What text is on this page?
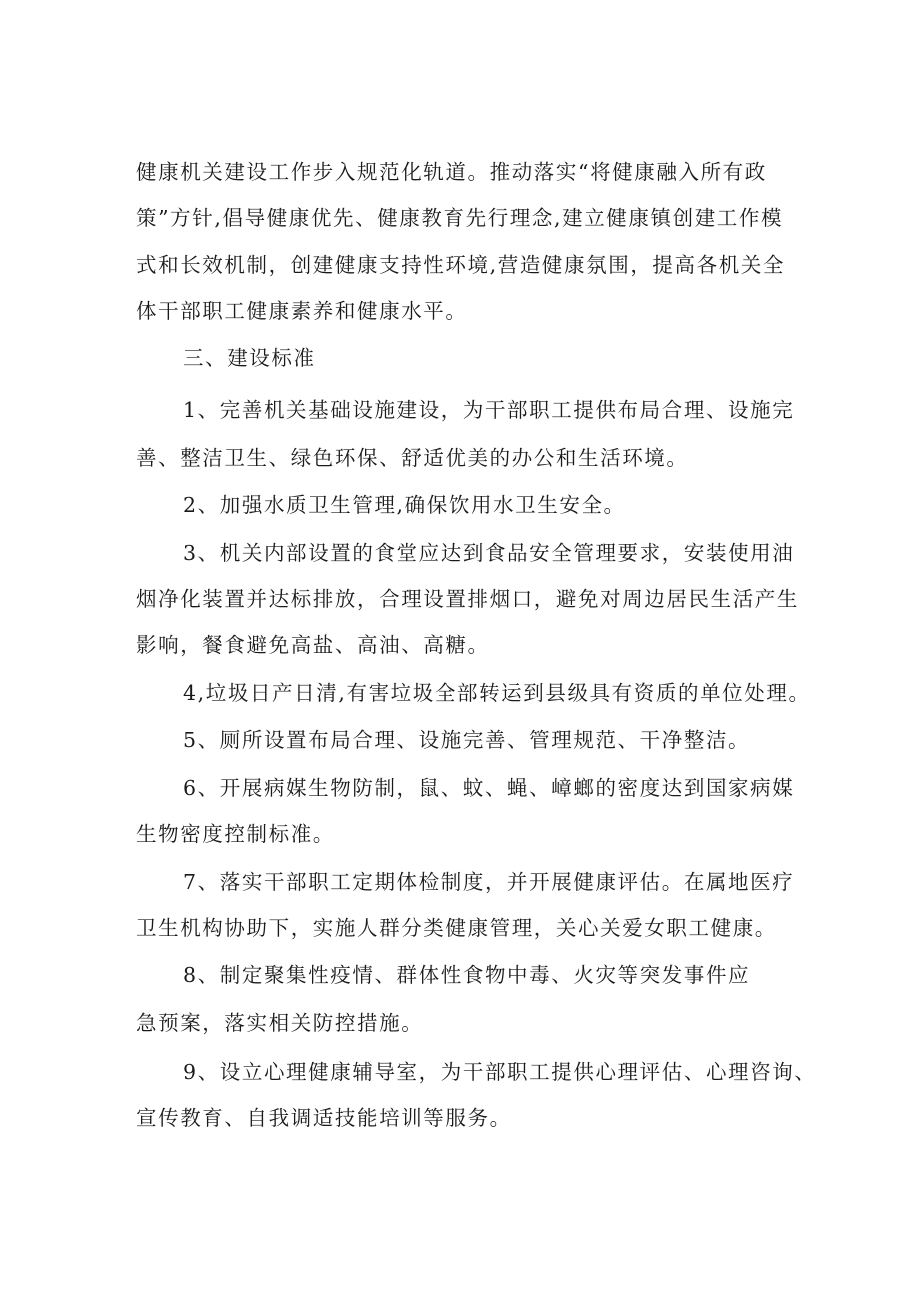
健康机关建设工作步入规范化轨道。推动落实“将健康融入所有政
策”方针,倡导健康优先、健康教育先行理念,建立健康镇创建工作模
式和长效机制，创建健康支持性环境,营造健康氛围，提高各机关全
体干部职工健康素养和健康水平。
三、建设标准
1、完善机关基础设施建设，为干部职工提供布局合理、设施完
善、整洁卫生、绿色环保、舒适优美的办公和生活环境。
2、加强水质卫生管理,确保饮用水卫生安全。
3、机关内部设置的食堂应达到食品安全管理要求，安装使用油
烟净化装置并达标排放，合理设置排烟口，避免对周边居民生活产生
影响，餐食避免高盐、高油、高糖。
4,垃圾日产日清,有害垃圾全部转运到县级具有资质的单位处理。
5、厕所设置布局合理、设施完善、管理规范、干净整洁。
6、开展病媒生物防制，鼠、蚊、蝇、嶂螂的密度达到国家病媒
生物密度控制标准。
7、落实干部职工定期体检制度，并开展健康评估。在属地医疗
卫生机构协助下，实施人群分类健康管理，关心关爱女职工健康。
8、制定聚集性疫情、群体性食物中毒、火灾等突发事件应
急预案，落实相关防控措施。
9、设立心理健康辅导室，为干部职工提供心理评估、心理咨询、
宣传教育、自我调适技能培训等服务。
